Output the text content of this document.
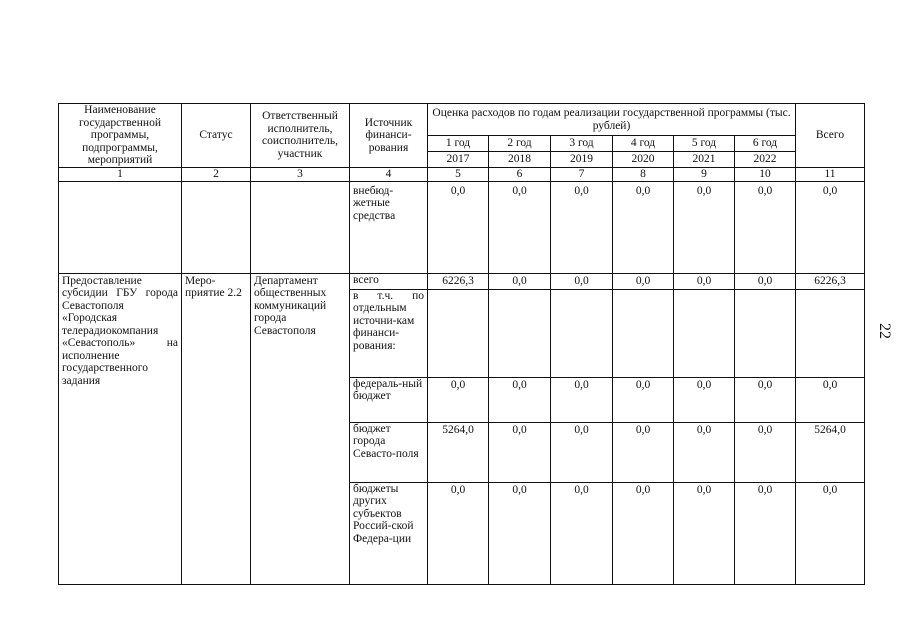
22
Наименование государственной программы, подпрограммы, мероприятий	Статус	Ответственный исполнитель, соисполнитель, участник	Источник финанси-рования	Оценка расходов по годам реализации государственной программы (тыс. рублей)						Всего
				1 год	2 год	3 год	4 год	5 год	6 год	
				2017	2018	2019	2020	2021	2022	
1	2	3	4	5	6	7	8	9	10	11
			внебюд-жетные средства	0,0	0,0	0,0	0,0	0,0	0,0	0,0
Предоставление субсидии ГБУ города Севастополя «Городская телерадиокомпания «Севастополь» на исполнение государственного задания	Меро-приятие 2.2	Департамент общественных коммуникаций города Севастополя	всего	6226,3	0,0	0,0	0,0	0,0	0,0	6226,3
			в т.ч. по отдельным источни-кам финанси-рования:							
			федераль-ный бюджет	0,0	0,0	0,0	0,0	0,0	0,0	0,0
			бюджет города Севасто-поля	5264,0	0,0	0,0	0,0	0,0	0,0	5264,0
			бюджеты других субъектов Россий-ской Федера-ции	0,0	0,0	0,0	0,0	0,0	0,0	0,0
